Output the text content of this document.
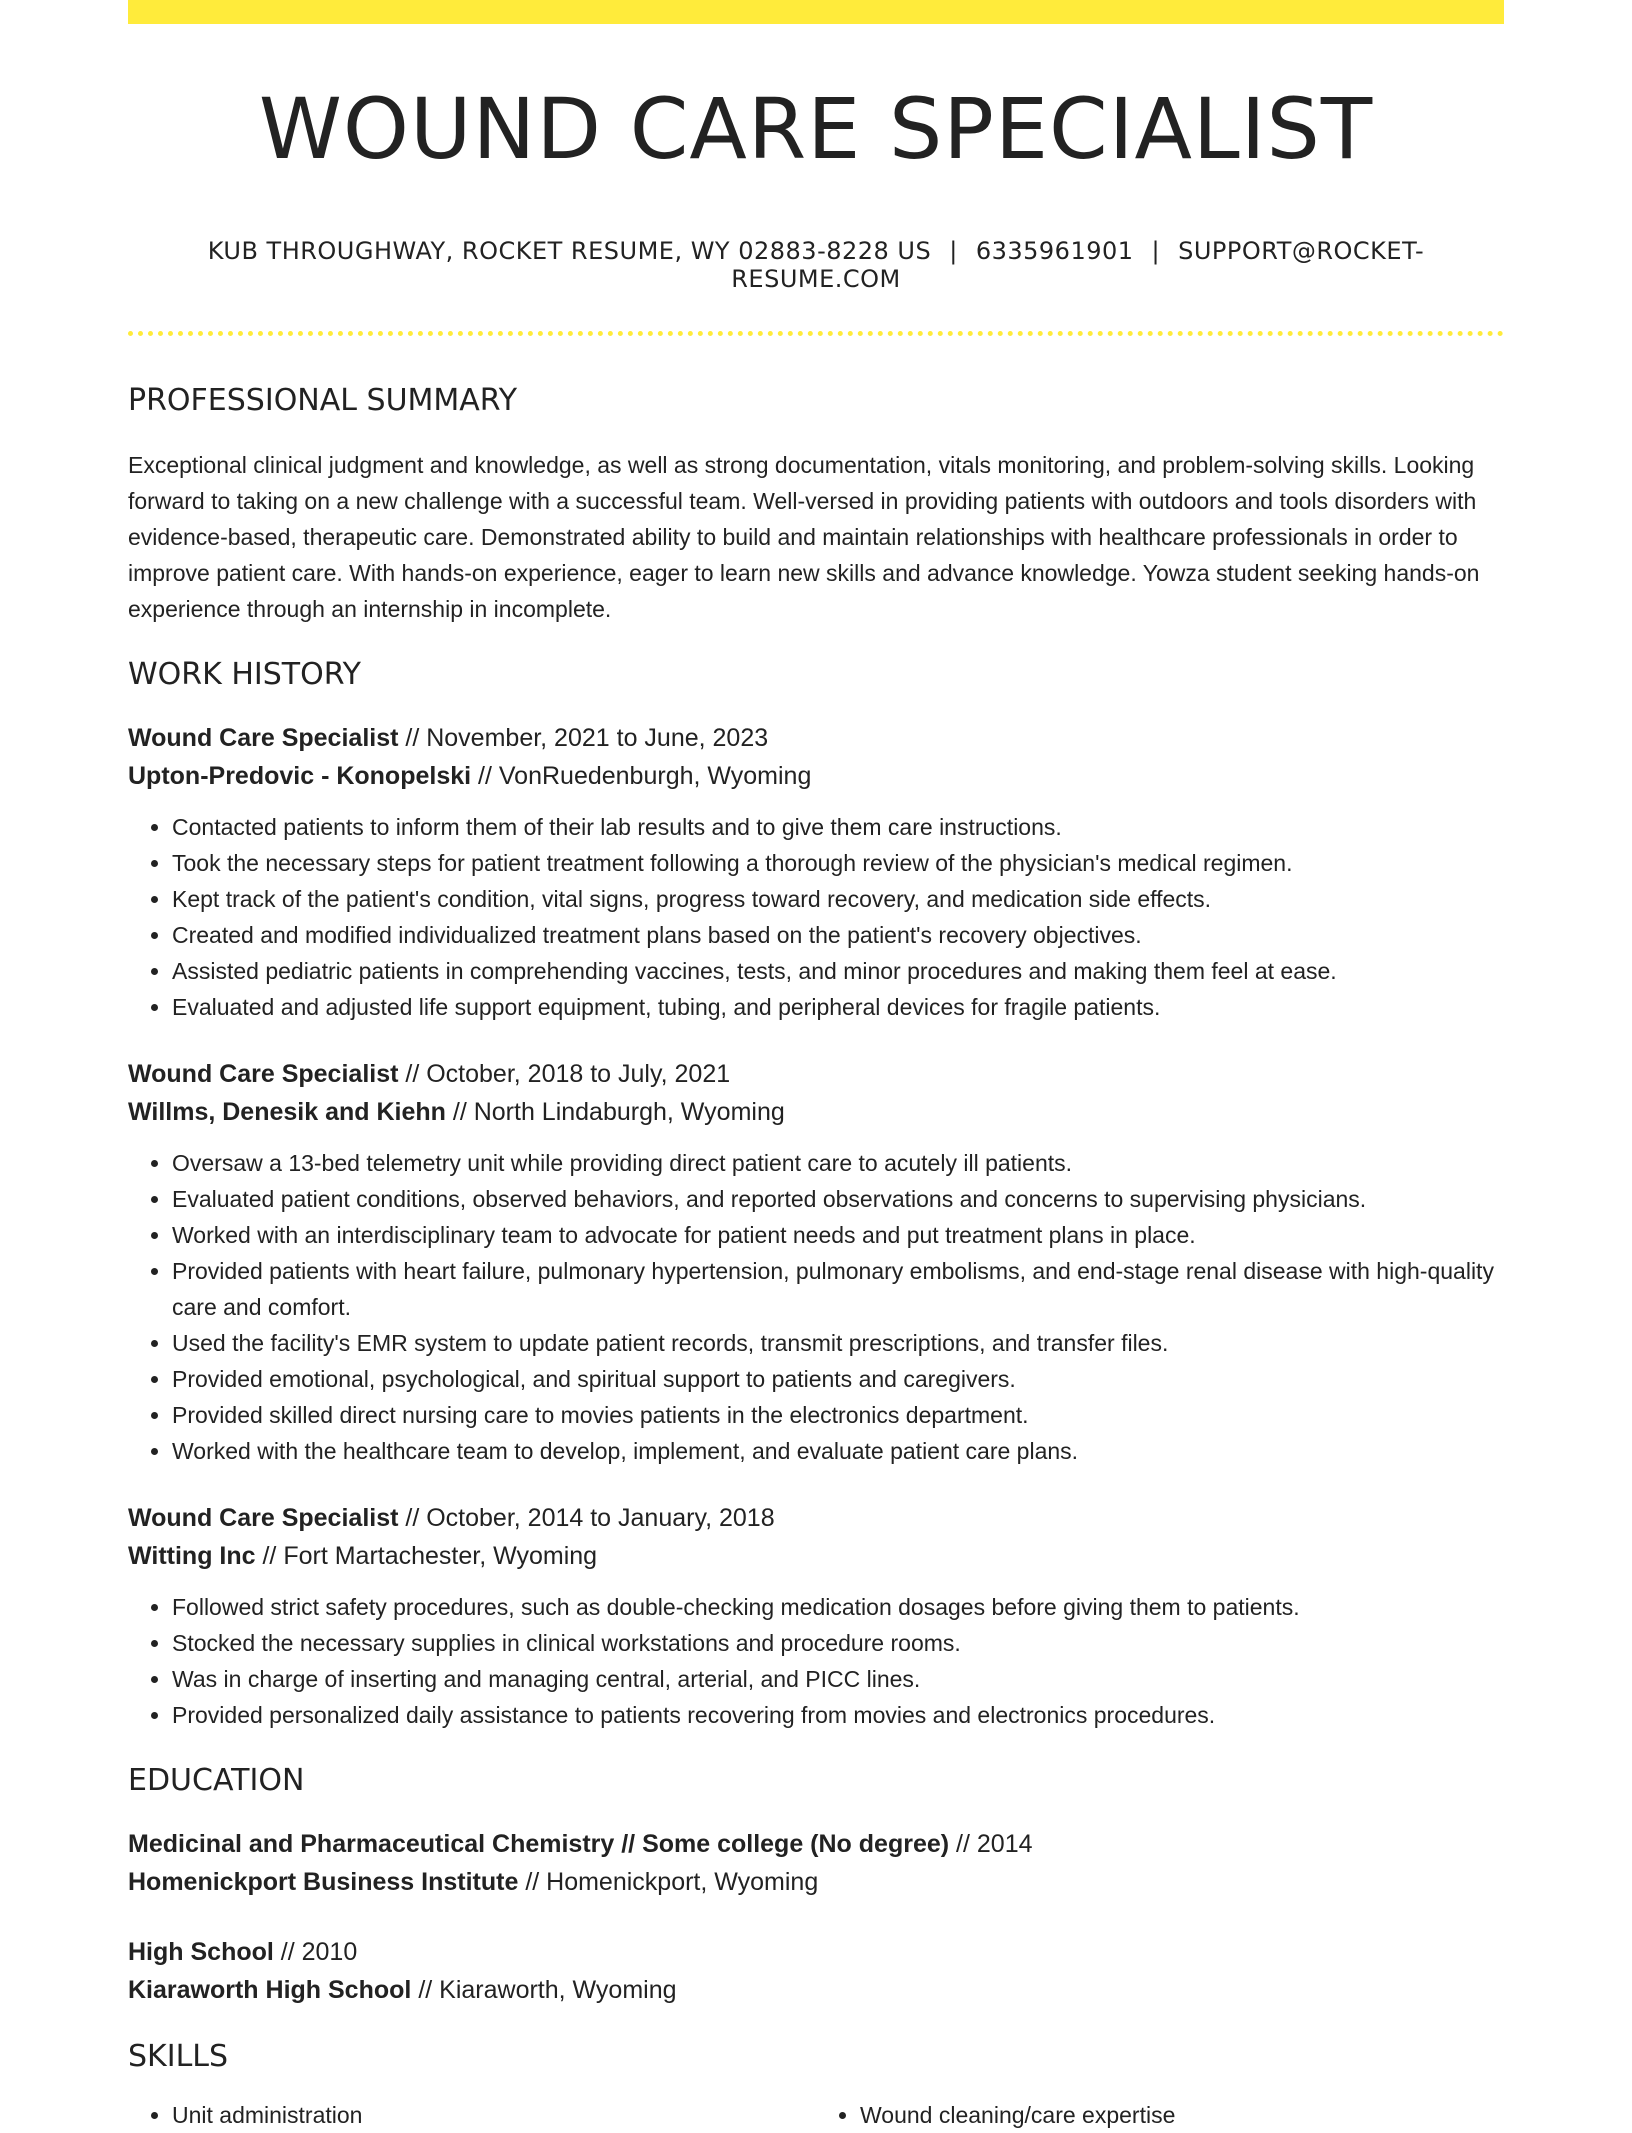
WOUND CARE SPECIALIST
KUB THROUGHWAY, ROCKET RESUME, WY 02883-8228 US | 6335961901 | SUPPORT@ROCKET-RESUME.COM
PROFESSIONAL SUMMARY

Exceptional clinical judgment and knowledge, as well as strong documentation, vitals monitoring, and problem-solving skills. Looking forward to taking on a new challenge with a successful team. Well-versed in providing patients with outdoors and tools disorders with evidence-based, therapeutic care. Demonstrated ability to build and maintain relationships with healthcare professionals in order to improve patient care. With hands-on experience, eager to learn new skills and advance knowledge. Yowza student seeking hands-on experience through an internship in incomplete.

WORK HISTORY
Wound Care Specialist // November, 2021 to June, 2023
Upton-Predovic - Konopelski // VonRuedenburgh, Wyoming
• Contacted patients to inform them of their lab results and to give them care instructions.
• Took the necessary steps for patient treatment following a thorough review of the physician's medical regimen.
• Kept track of the patient's condition, vital signs, progress toward recovery, and medication side effects.
• Created and modified individualized treatment plans based on the patient's recovery objectives.
• Assisted pediatric patients in comprehending vaccines, tests, and minor procedures and making them feel at ease.
• Evaluated and adjusted life support equipment, tubing, and peripheral devices for fragile patients.
Wound Care Specialist // October, 2018 to July, 2021
Willms, Denesik and Kiehn // North Lindaburgh, Wyoming
• Oversaw a 13-bed telemetry unit while providing direct patient care to acutely ill patients.
• Evaluated patient conditions, observed behaviors, and reported observations and concerns to supervising physicians.
• Worked with an interdisciplinary team to advocate for patient needs and put treatment plans in place.
• Provided patients with heart failure, pulmonary hypertension, pulmonary embolisms, and end-stage renal disease with high-quality care and comfort.
• Used the facility's EMR system to update patient records, transmit prescriptions, and transfer files.
• Provided emotional, psychological, and spiritual support to patients and caregivers.
• Provided skilled direct nursing care to movies patients in the electronics department.
• Worked with the healthcare team to develop, implement, and evaluate patient care plans.
Wound Care Specialist // October, 2014 to January, 2018
Witting Inc // Fort Martachester, Wyoming
• Followed strict safety procedures, such as double-checking medication dosages before giving them to patients.
• Stocked the necessary supplies in clinical workstations and procedure rooms.
• Was in charge of inserting and managing central, arterial, and PICC lines.
• Provided personalized daily assistance to patients recovering from movies and electronics procedures.
EDUCATION
Medicinal and Pharmaceutical Chemistry // Some college (No degree) // 2014
Homenickport Business Institute // Homenickport, Wyoming
High School // 2010
Kiaraworth High School // Kiaraworth, Wyoming
SKILLS
• Unit administration
•	Wound cleaning/care expertise
